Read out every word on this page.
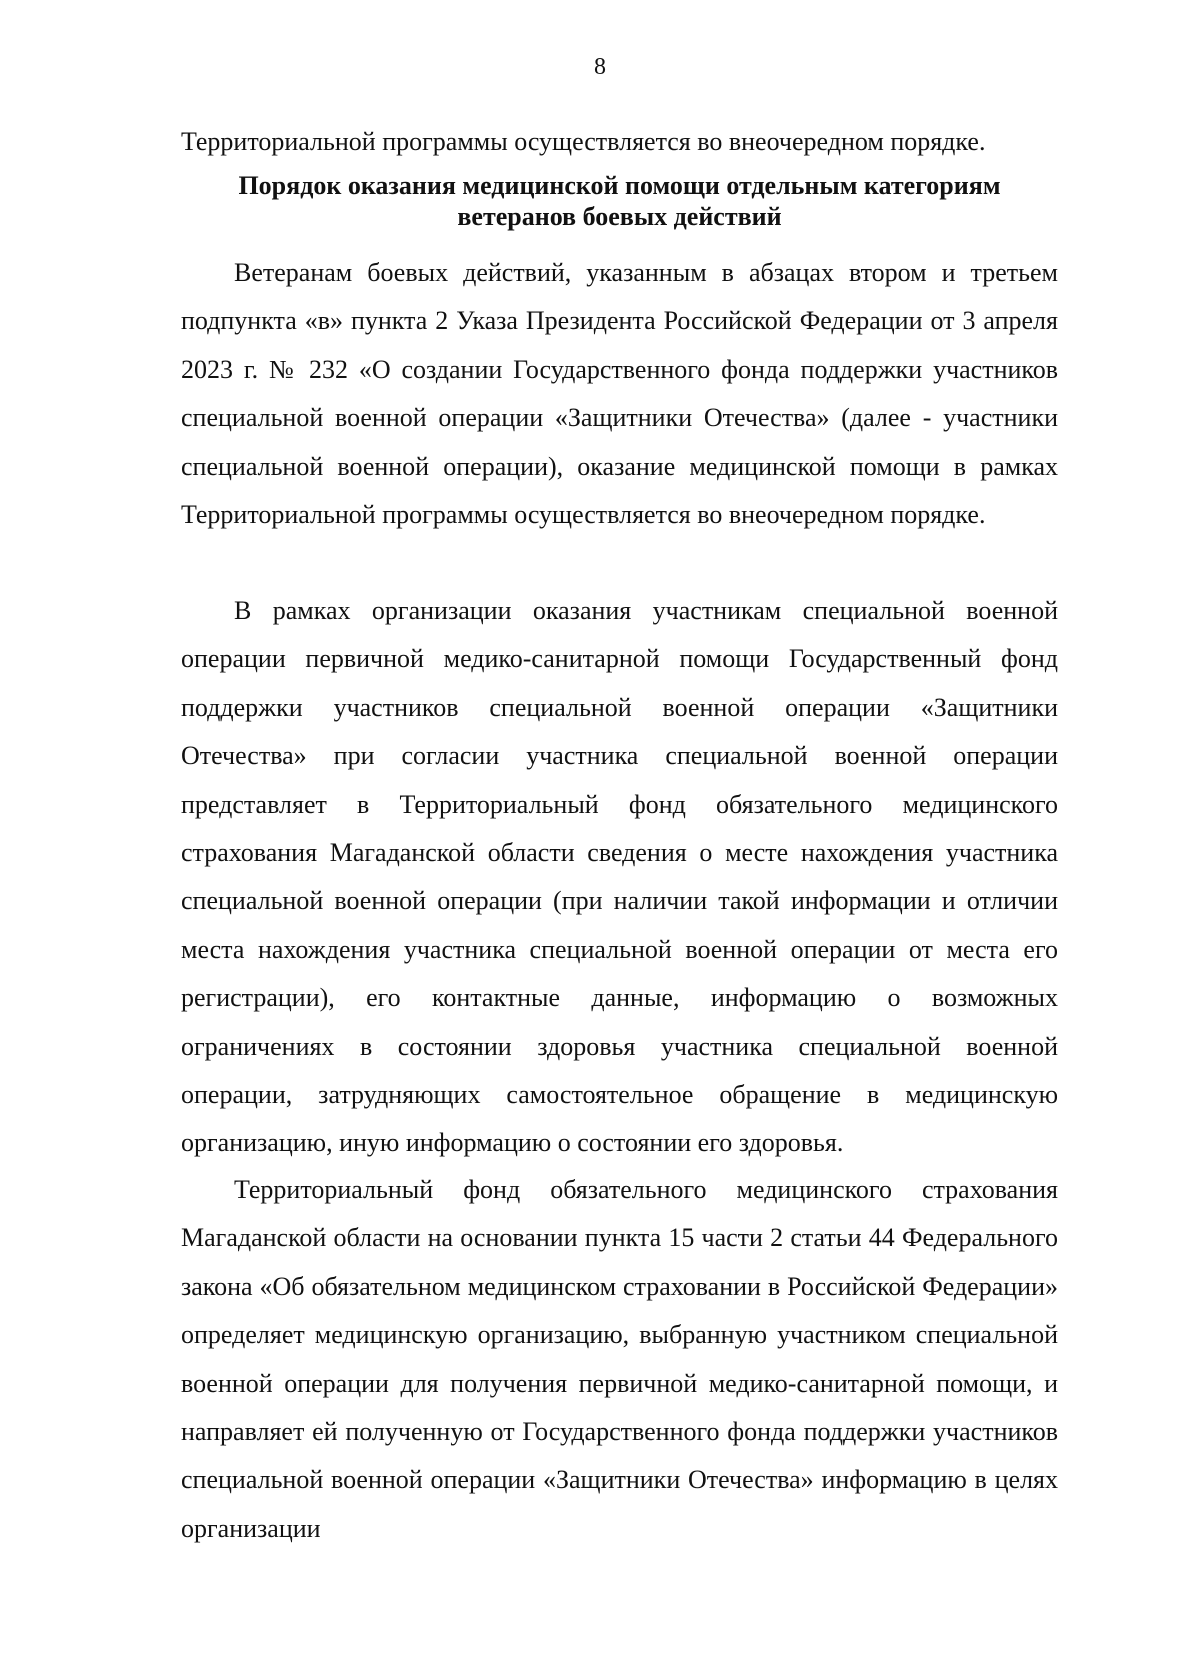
8
Территориальной программы осуществляется во внеочередном порядке.
Порядок оказания медицинской помощи отдельным категориям
ветеранов боевых действий

Ветеранам боевых действий, указанным в абзацах втором и третьем подпункта «в» пункта 2 Указа Президента Российской Федерации от 3 апреля 2023 г. № 232 «О создании Государственного фонда поддержки участников специальной военной операции «Защитники Отечества» (далее - участники специальной военной операции), оказание медицинской помощи в рамках Территориальной программы осуществляется во внеочередном порядке.

В рамках организации оказания участникам специальной военной операции первичной медико-санитарной помощи Государственный фонд поддержки участников специальной военной операции «Защитники Отечества» при согласии участника специальной военной операции представляет в Территориальный фонд обязательного медицинского страхования Магаданской области сведения о месте нахождения участника специальной военной операции (при наличии такой информации и отличии места нахождения участника специальной военной операции от места его регистрации), его контактные данные, информацию о возможных ограничениях в состоянии здоровья участника специальной военной операции, затрудняющих самостоятельное обращение в медицинскую организацию, иную информацию о состоянии его здоровья.

Территориальный фонд обязательного медицинского страхования Магаданской области на основании пункта 15 части 2 статьи 44 Федерального закона «Об обязательном медицинском страховании в Российской Федерации» определяет медицинскую организацию, выбранную участником специальной военной операции для получения первичной медико-санитарной помощи, и направляет ей полученную от Государственного фонда поддержки участников специальной военной операции «Защитники Отечества» информацию в целях организации
